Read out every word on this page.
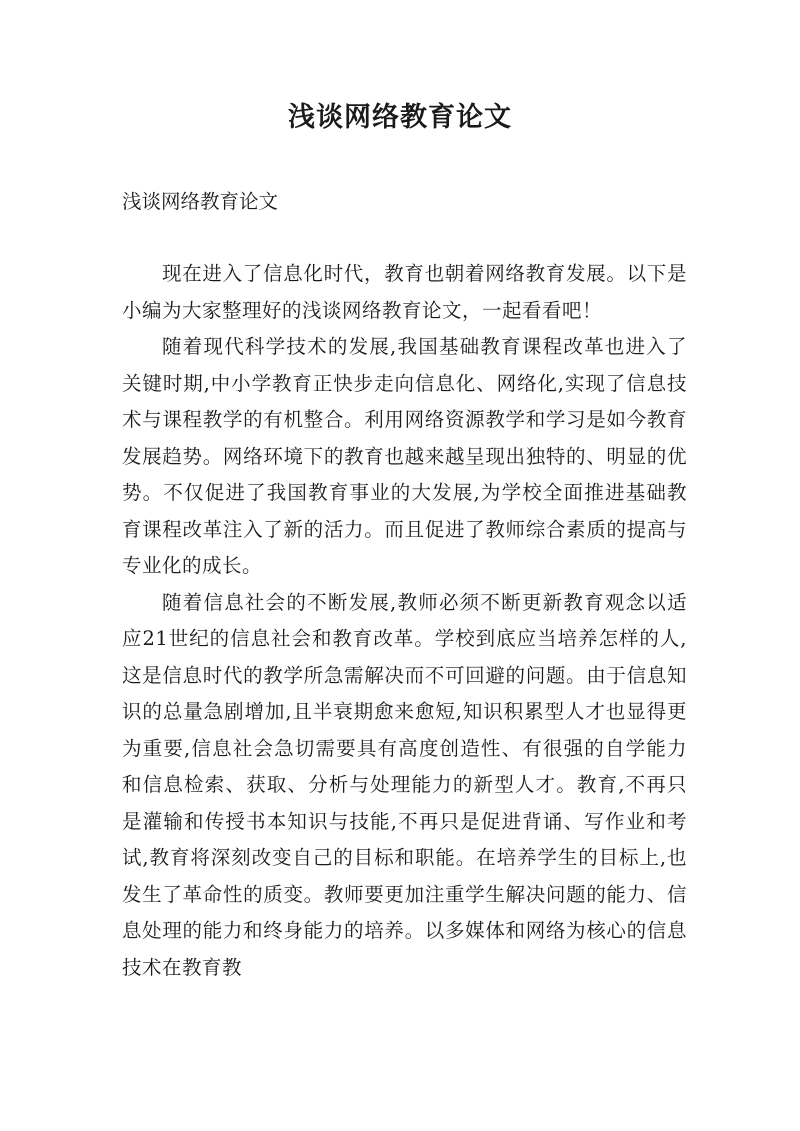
浅谈网络教育论文

浅谈网络教育论文

现在进入了信息化时代，教育也朝着网络教育发展。以下是小编为大家整理好的浅谈网络教育论文，一起看看吧！

随着现代科学技术的发展,我国基础教育课程改革也进入了关键时期,中小学教育正快步走向信息化、网络化,实现了信息技术与课程教学的有机整合。利用网络资源教学和学习是如今教育发展趋势。网络环境下的教育也越来越呈现出独特的、明显的优势。不仅促进了我国教育事业的大发展,为学校全面推进基础教育课程改革注入了新的活力。而且促进了教师综合素质的提高与专业化的成长。

随着信息社会的不断发展,教师必须不断更新教育观念以适应21世纪的信息社会和教育改革。学校到底应当培养怎样的人,这是信息时代的教学所急需解决而不可回避的问题。由于信息知识的总量急剧增加,且半衰期愈来愈短,知识积累型人才也显得更为重要,信息社会急切需要具有高度创造性、有很强的自学能力和信息检索、获取、分析与处理能力的新型人才。教育,不再只是灌输和传授书本知识与技能,不再只是促进背诵、写作业和考试,教育将深刻改变自己的目标和职能。在培养学生的目标上,也发生了革命性的质变。教师要更加注重学生解决问题的能力、信息处理的能力和终身能力的培养。以多媒体和网络为核心的信息技术在教育教
